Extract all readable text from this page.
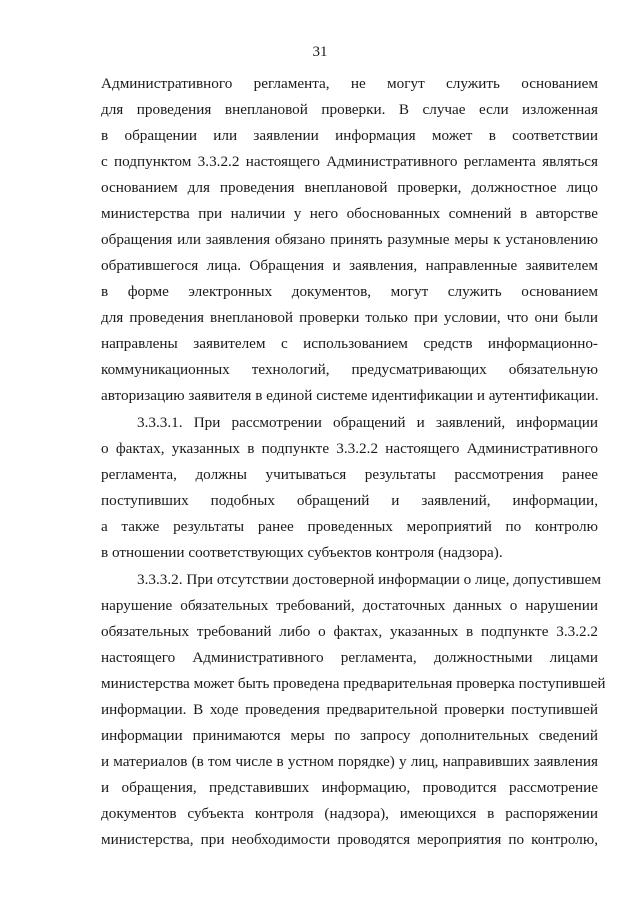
31
Административного регламента, не могут служить основанием
для проведения внеплановой проверки. В случае если изложенная
в обращении или заявлении информация может в соответствии
с подпунктом 3.3.2.2 настоящего Административного регламента являться
основанием для проведения внеплановой проверки, должностное лицо
министерства при наличии у него обоснованных сомнений в авторстве
обращения или заявления обязано принять разумные меры к установлению
обратившегося лица. Обращения и заявления, направленные заявителем
в форме электронных документов, могут служить основанием
для проведения внеплановой проверки только при условии, что они были
направлены заявителем с использованием средств информационно-
коммуникационных технологий, предусматривающих обязательную
авторизацию заявителя в единой системе идентификации и аутентификации.
3.3.3.1. При рассмотрении обращений и заявлений, информации
о фактах, указанных в подпункте 3.3.2.2 настоящего Административного
регламента, должны учитываться результаты рассмотрения ранее
поступивших подобных обращений и заявлений, информации,
а также результаты ранее проведенных мероприятий по контролю
в отношении соответствующих субъектов контроля (надзора).
3.3.3.2. При отсутствии достоверной информации о лице, допустившем
нарушение обязательных требований, достаточных данных о нарушении
обязательных требований либо о фактах, указанных в подпункте 3.3.2.2
настоящего Административного регламента, должностными лицами
министерства может быть проведена предварительная проверка поступившей
информации. В ходе проведения предварительной проверки поступившей
информации принимаются меры по запросу дополнительных сведений
и материалов (в том числе в устном порядке) у лиц, направивших заявления
и обращения, представивших информацию, проводится рассмотрение
документов субъекта контроля (надзора), имеющихся в распоряжении
министерства, при необходимости проводятся мероприятия по контролю,
